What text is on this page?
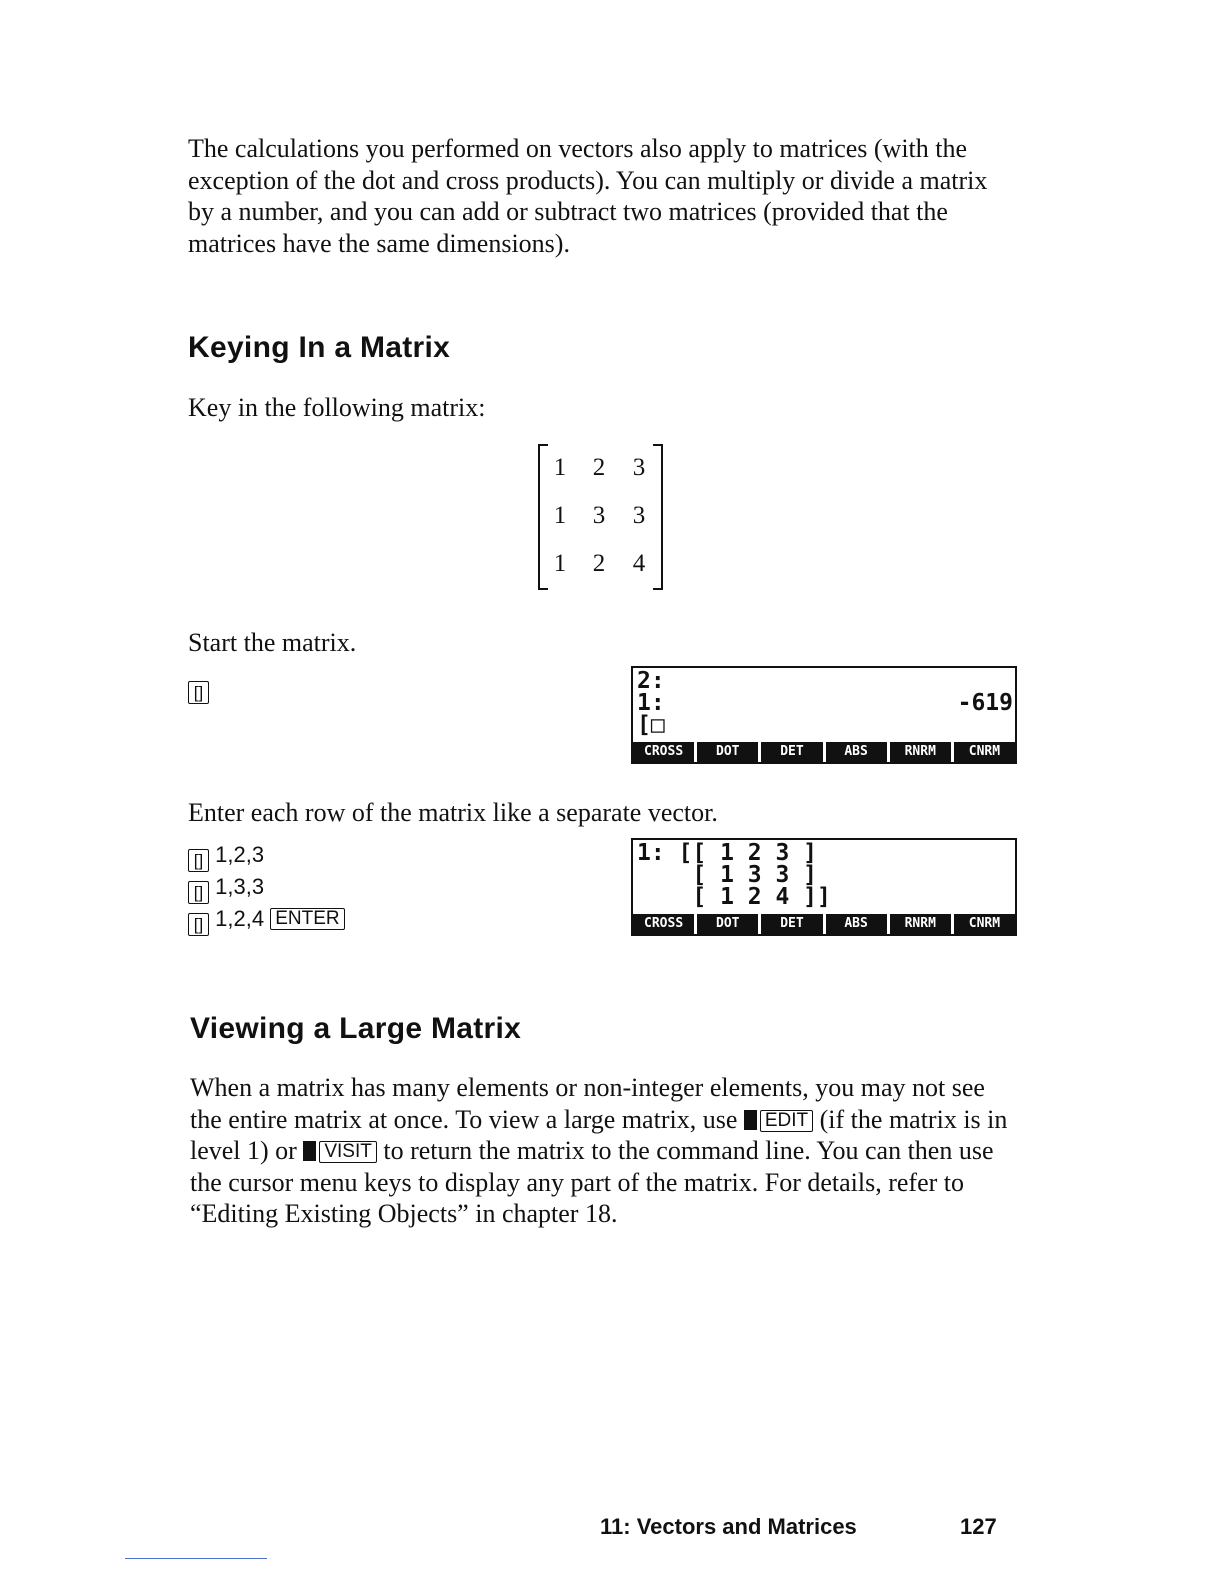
The calculations you performed on vectors also apply to matrices (with the exception of the dot and cross products). You can multiply or divide a matrix by a number, and you can add or subtract two matrices (provided that the matrices have the same dimensions).

Keying In a Matrix

Key in the following matrix:

1 2 3
1 3 3
1 2 4

Start the matrix.

[]	2:
1:	-619
[□
CROSS	DOT	DET	ABS	RNRM	CNRM

Enter each row of the matrix like a separate vector.

[] 1,2,3
[] 1,3,3
[] 1,2,4 ENTER
1: [[ 1 2 3 ]
[ 1 3 3 ]
[ 1 2 4 ]]
CROSS	DOT	DET	ABS	RNRM	CNRM
Viewing a Large Matrix

When a matrix has many elements or non-integer elements, you may not see the entire matrix at once. To view a large matrix, use EDIT (if the matrix is in level 1) or VISIT to return the matrix to the command line. You can then use the cursor menu keys to display any part of the matrix. For details, refer to “Editing Existing Objects” in chapter 18.

11: Vectors and Matrices	127
